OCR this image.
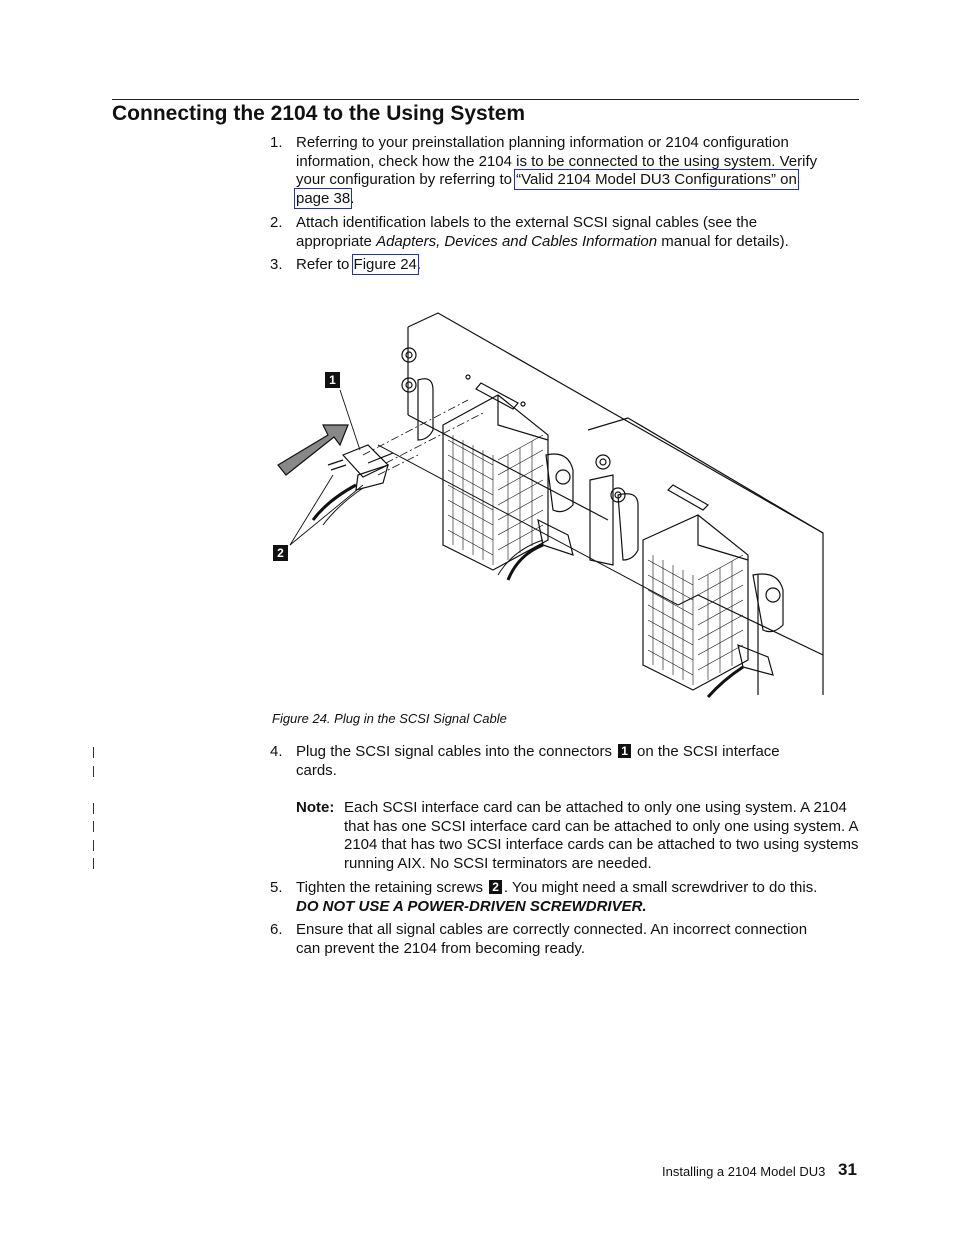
Connecting the 2104 to the Using System
1. Referring to your preinstallation planning information or 2104 configuration
information, check how the 2104 is to be connected to the using system. Verify
your configuration by referring to “Valid 2104 Model DU3 Configurations” on
page 38.
2. Attach identification labels to the external SCSI signal cables (see the
appropriate Adapters, Devices and Cables Information manual for details).
3. Refer to Figure 24.
1
2
Figure 24. Plug in the SCSI Signal Cable
4. Plug the SCSI signal cables into the connectors 1 on the SCSI interface
cards.
Note: Each SCSI interface card can be attached to only one using system. A 2104 that has one SCSI interface card can be attached to only one using system. A 2104 that has two SCSI interface cards can be attached to two using systems running AIX. No SCSI terminators are needed.
5. Tighten the retaining screws 2 . You might need a small screwdriver to do this.
DO NOT USE A POWER-DRIVEN SCREWDRIVER.
6. Ensure that all signal cables are correctly connected. An incorrect connection
can prevent the 2104 from becoming ready.
Installing a 2104 Model DU3 31
